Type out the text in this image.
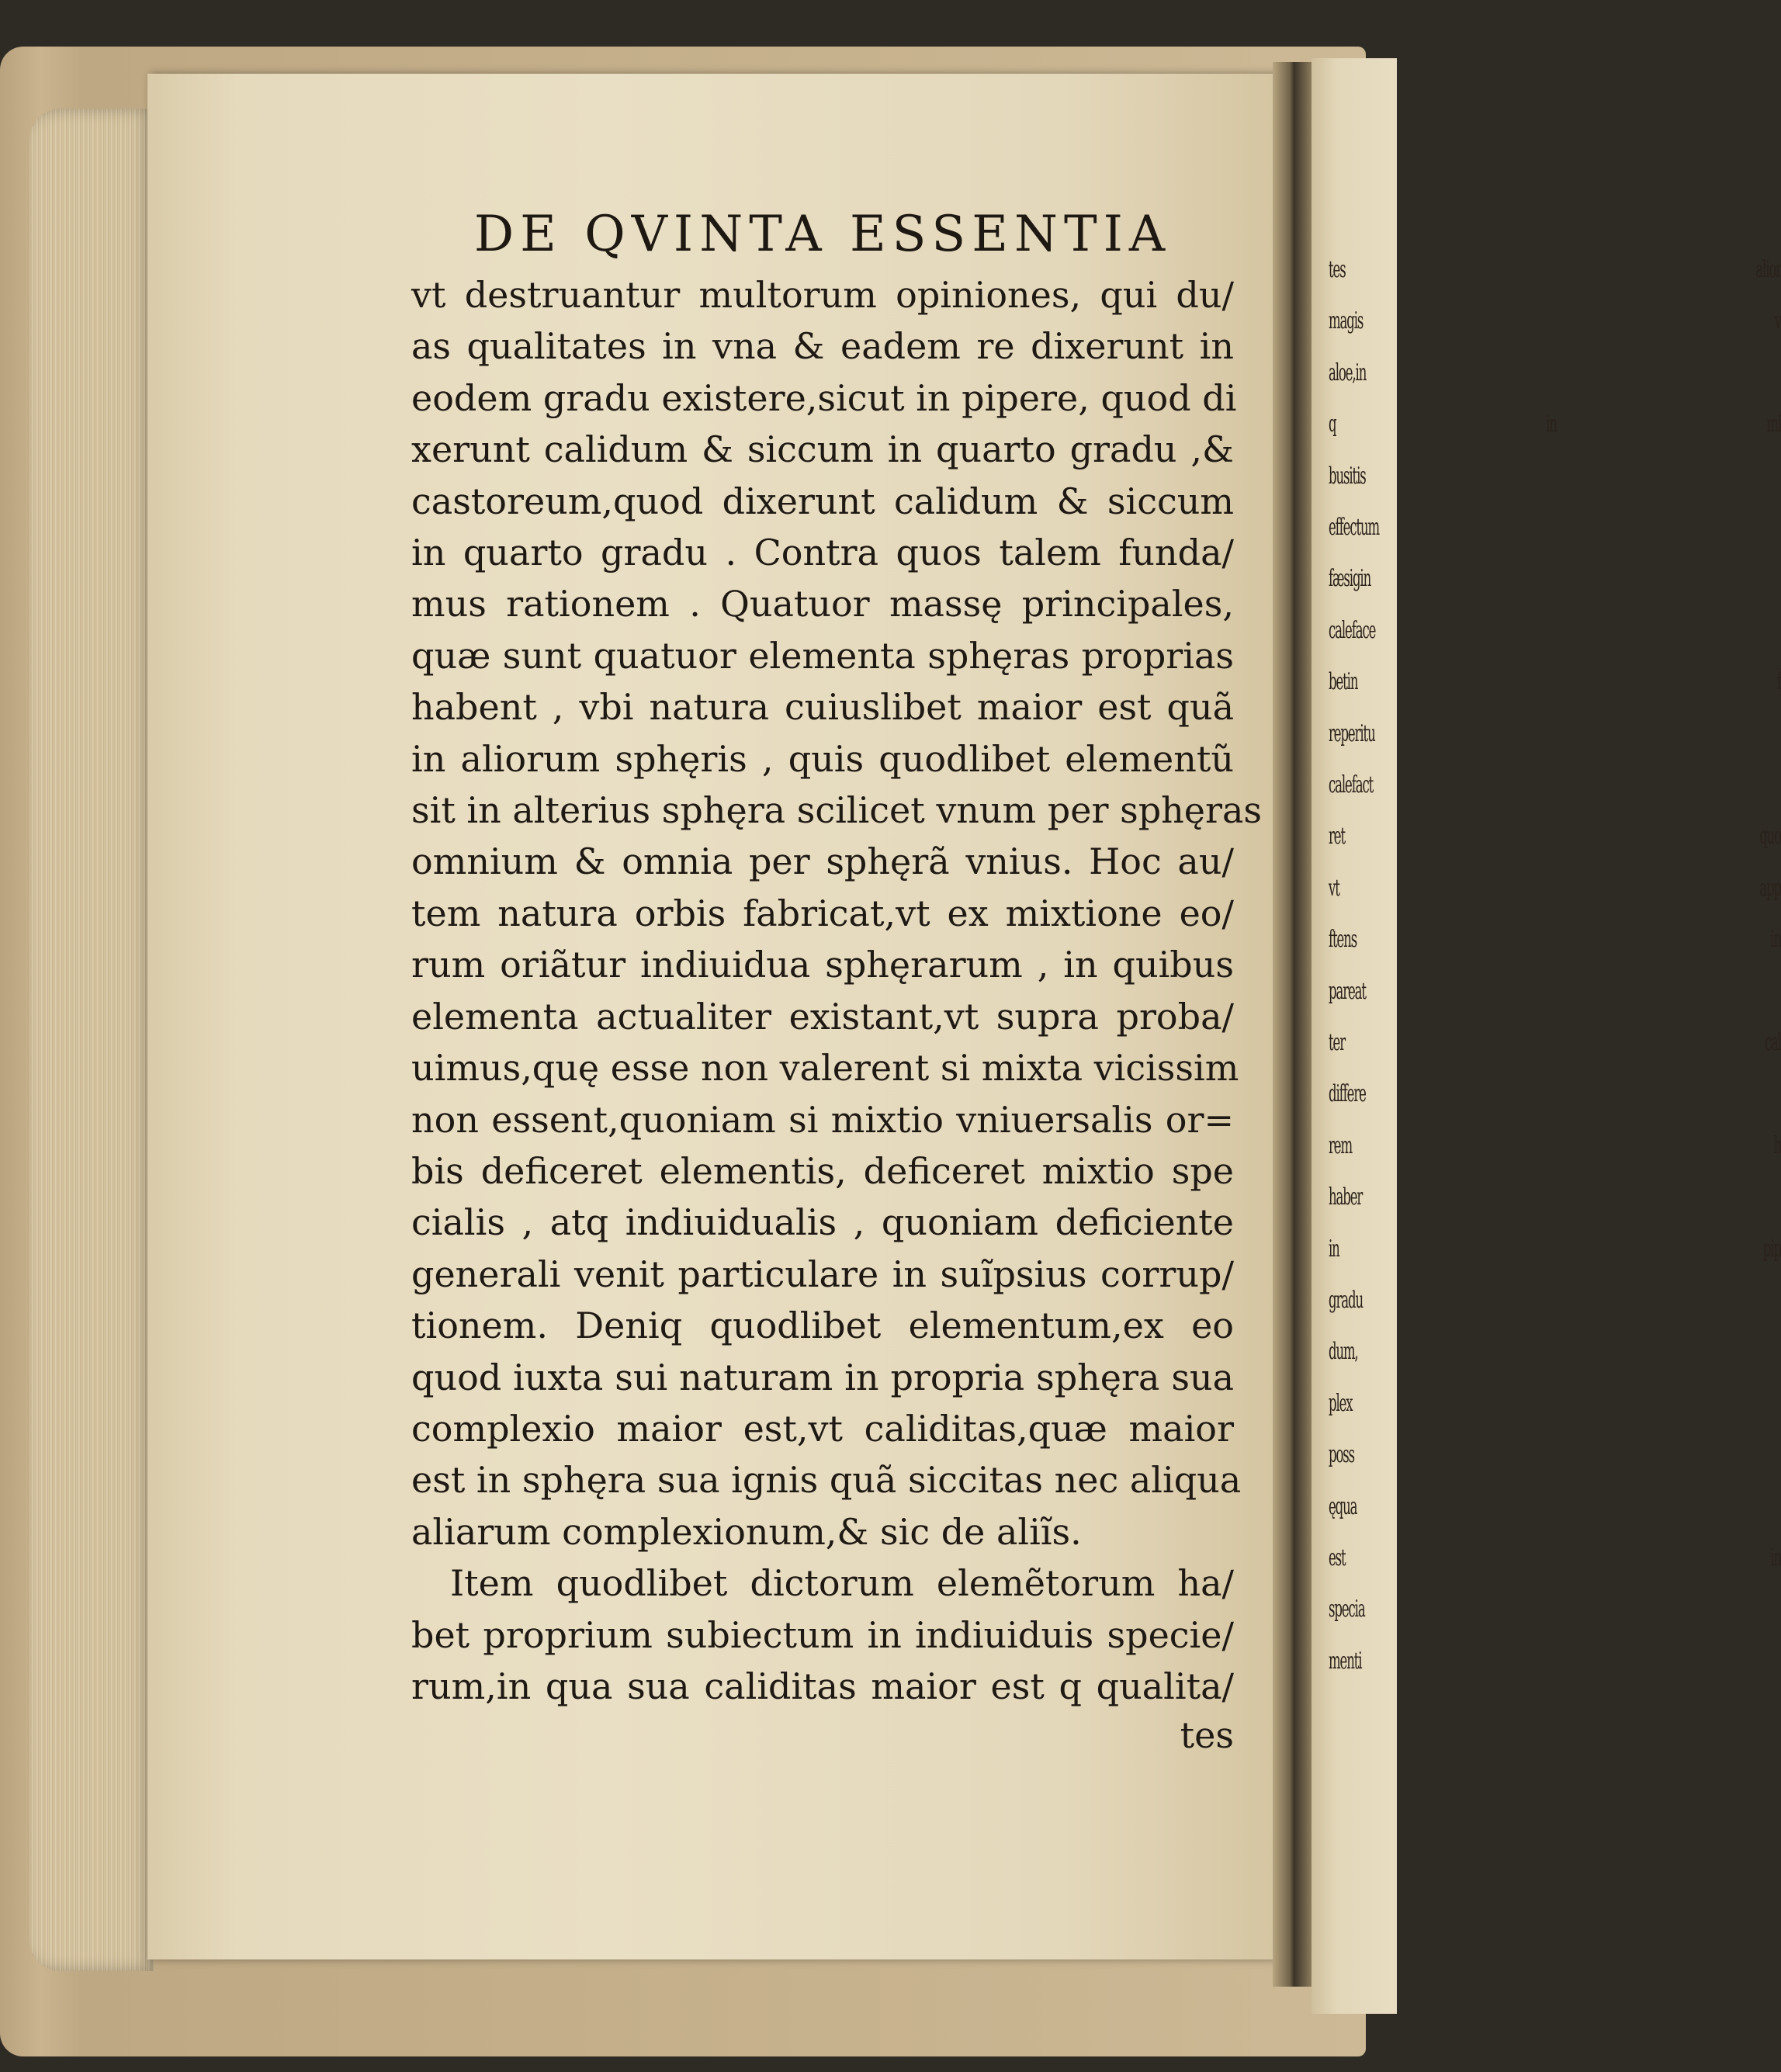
tes alior
magis v
aloe,in
q in mi
busitis
effectum
fæsigin
caleface
betin f
reperitu
calefact
ret quo
vt app
ftens in
pareat
ter cal
differe
rem h
haber
in pip
gradu
dum,
plex
poss
ęqua
est in
specia
menti
DE QVINTA ESSENTIA
vt destruantur multorum opiniones, qui du/
as qualitates in vna & eadem re dixerunt in
eodem gradu existere,sicut in pipere, quod di
xerunt calidum & siccum in quarto gradu ,&
castoreum,quod dixerunt calidum & siccum
in quarto gradu . Contra quos talem funda/
mus rationem . Quatuor massę principales,
quæ sunt quatuor elementa sphęras proprias
habent , vbi natura cuiuslibet maior est quã
in aliorum sphęris , quis quodlibet elementũ
sit in alterius sphęra scilicet vnum per sphęras
omnium & omnia per sphęrã vnius. Hoc au/
tem natura orbis fabricat,vt ex mixtione eo/
rum oriãtur indiuidua sphęrarum , in quibus
elementa actualiter existant,vt supra proba/
uimus,quę esse non valerent si mixta vicissim
non essent,quoniam si mixtio vniuersalis or=
bis deficeret elementis, deficeret mixtio spe
cialis , atq indiuidualis , quoniam deficiente
generali venit particulare in suĩpsius corrup/
tionem. Deniq quodlibet elementum,ex eo
quod iuxta sui naturam in propria sphęra sua
complexio maior est,vt caliditas,quæ maior
est in sphęra sua ignis quã siccitas nec aliqua
aliarum complexionum,& sic de aliĩs.
Item quodlibet dictorum elemẽtorum ha/
bet proprium subiectum in indiuiduis specie/
rum,in qua sua caliditas maior est q qualita/
tes
